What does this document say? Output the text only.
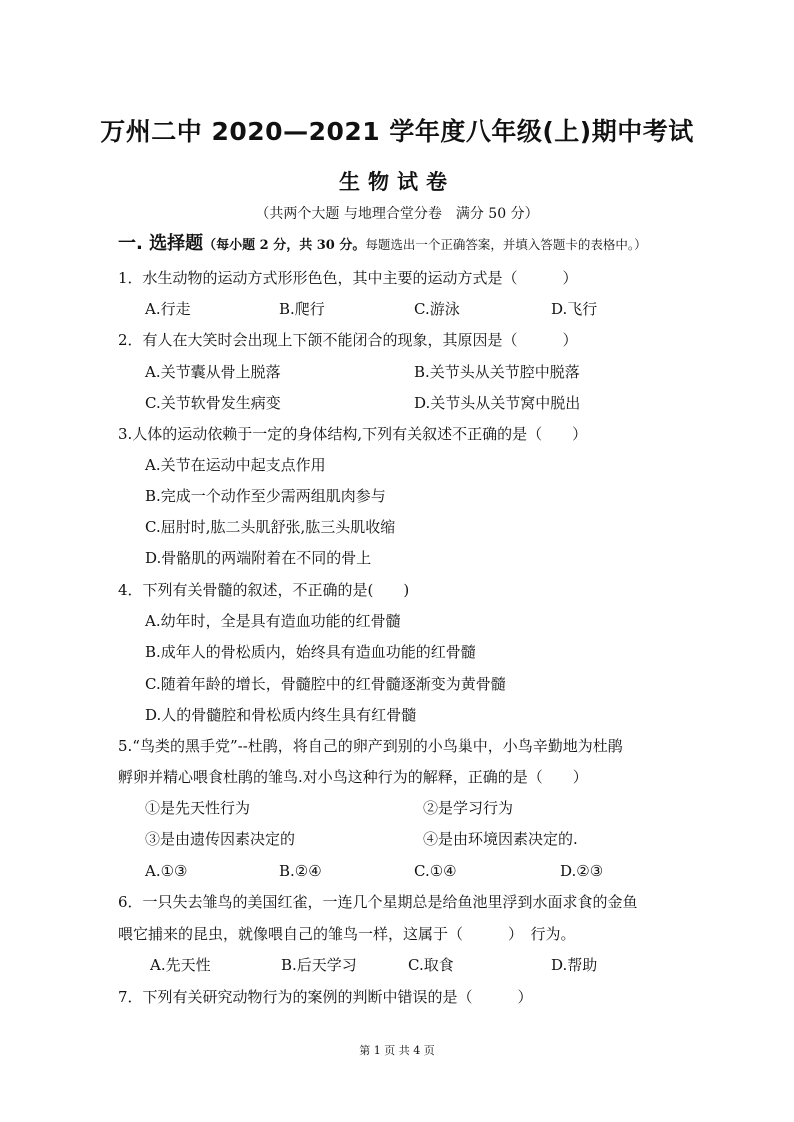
万州二中 2020—2021 学年度八年级(上)期中考试
生物试卷
（共两个大题 与地理合堂分卷　满分 50 分）
一. 选择题（每小题 2 分，共 30 分。每题选出一个正确答案，并填入答题卡的表格中。）
1．水生动物的运动方式形形色色，其中主要的运动方式是（　　　）
A.行走	B.爬行	C.游泳	D.飞行
2．有人在大笑时会出现上下颌不能闭合的现象，其原因是（　　　）
A.关节囊从骨上脱落	B.关节头从关节腔中脱落
C.关节软骨发生病变	D.关节头从关节窝中脱出
3.人体的运动依赖于一定的身体结构,下列有关叙述不正确的是（　　）
A.关节在运动中起支点作用
B.完成一个动作至少需两组肌肉参与
C.屈肘时,肱二头肌舒张,肱三头肌收缩
D.骨骼肌的两端附着在不同的骨上
4．下列有关骨髓的叙述，不正确的是(　　)
A.幼年时，全是具有造血功能的红骨髓
B.成年人的骨松质内，始终具有造血功能的红骨髓
C.随着年龄的增长，骨髓腔中的红骨髓逐渐变为黄骨髓
D.人的骨髓腔和骨松质内终生具有红骨髓
5.“鸟类的黑手党”--杜鹃，将自己的卵产到别的小鸟巢中，小鸟辛勤地为杜鹃
孵卵并精心喂食杜鹃的雏鸟.对小鸟这种行为的解释，正确的是（　　）
①是先天性行为	②是学习行为
③是由遗传因素决定的	④是由环境因素决定的.
A.①③	B.②④	C.①④	D.②③
6．一只失去雏鸟的美国红雀，一连几个星期总是给鱼池里浮到水面求食的金鱼
喂它捕来的昆虫，就像喂自己的雏鸟一样，这属于（　　　）　行为。
A.先天性	B.后天学习	C.取食	D.帮助
7．下列有关研究动物行为的案例的判断中错误的是（　　　）
第 1 页 共 4 页
